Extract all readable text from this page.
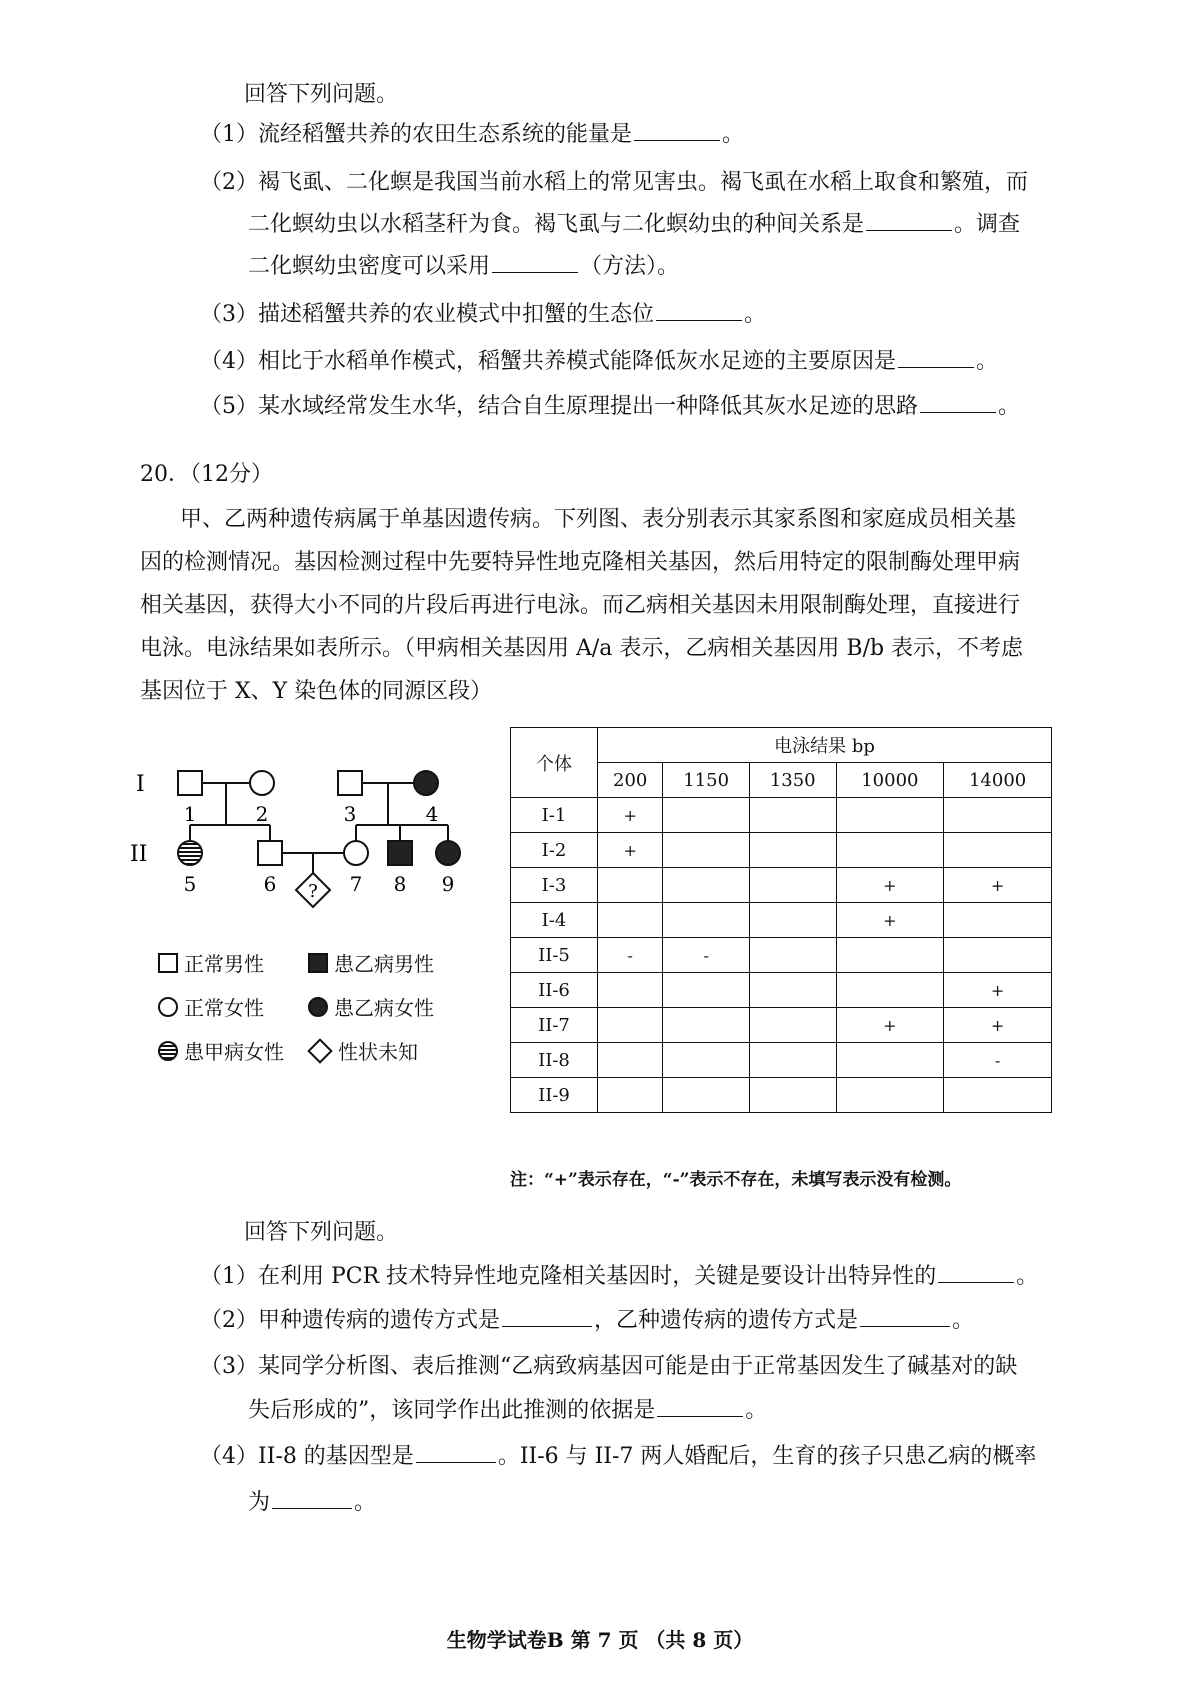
回答下列问题。
（1）流经稻蟹共养的农田生态系统的能量是	。
（2）褐飞虱、二化螟是我国当前水稻上的常见害虫。褐飞虱在水稻上取食和繁殖，而
二化螟幼虫以水稻茎秆为食。褐飞虱与二化螟幼虫的种间关系是	。调查
二化螟幼虫密度可以采用	（方法）。
（3）描述稻蟹共养的农业模式中扣蟹的生态位	。
（4）相比于水稻单作模式，稻蟹共养模式能降低灰水足迹的主要原因是	。
（5）某水域经常发生水华，结合自生原理提出一种降低其灰水足迹的思路	。
20．（12分）
甲、乙两种遗传病属于单基因遗传病。下列图、表分别表示其家系图和家庭成员相关基
因的检测情况。基因检测过程中先要特异性地克隆相关基因，然后用特定的限制酶处理甲病
相关基因，获得大小不同的片段后再进行电泳。而乙病相关基因未用限制酶处理，直接进行
电泳。电泳结果如表所示。（甲病相关基因用 A/a 表示，乙病相关基因用 B/b 表示，不考虑
基因位于 X、Y 染色体的同源区段）
?
I
II
1	2	3	4
5	6	7 8 9
正常男性	患乙病男性
正常女性	患乙病女性
患甲病女性	性状未知
个体	电泳结果 bp				
	200	1150	1350	10000	14000
I-1	+				
I-2	+				
I-3				+	+
I-4				+	
II-5	-	-			
II-6					+
II-7				+	+
II-8					-
II-9					
注：“+”表示存在，“-”表示不存在，未填写表示没有检测。
回答下列问题。
（1）在利用 PCR 技术特异性地克隆相关基因时，关键是要设计出特异性的	。
（2）甲种遗传病的遗传方式是	，乙种遗传病的遗传方式是	。
（3）某同学分析图、表后推测“乙病致病基因可能是由于正常基因发生了碱基对的缺
失后形成的”，该同学作出此推测的依据是	。
（4）II-8 的基因型是	。II-6 与 II-7 两人婚配后，生育的孩子只患乙病的概率
为	。
生物学试卷B 第 7 页 （共 8 页）
